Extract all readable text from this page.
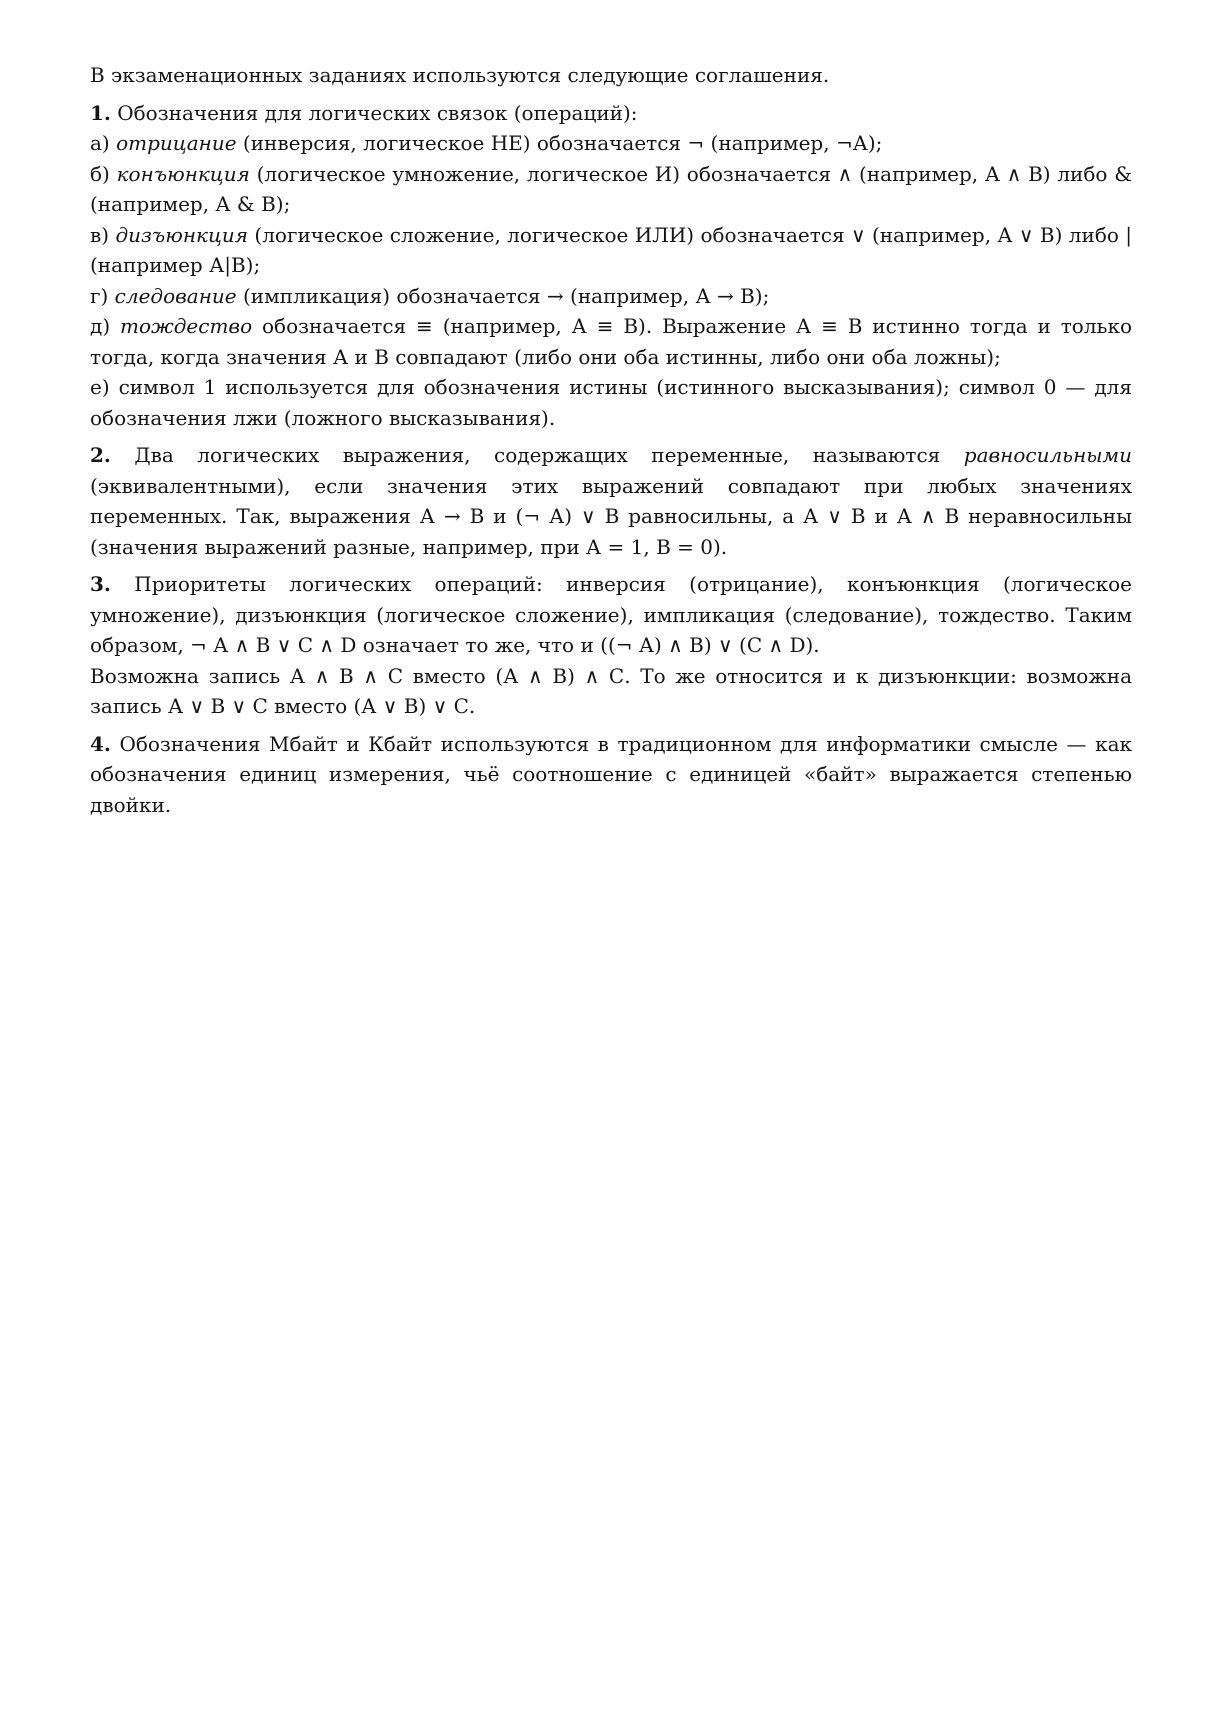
В экзаменационных заданиях используются следующие соглашения.

1. Обозначения для логических связок (операций):

а) отрицание (инверсия, логическое НЕ) обозначается ¬ (например, ¬А);

б) конъюнкция (логическое умножение, логическое И) обозначается ∧ (например, А ∧ В) либо & (например, А & В);

в) дизъюнкция (логическое сложение, логическое ИЛИ) обозначается ∨ (например, А ∨ В) либо | (например А|В);

г) следование (импликация) обозначается → (например, А → В);

д) тождество обозначается ≡ (например, А ≡ В). Выражение А ≡ В истинно тогда и только тогда, когда значения А и В совпадают (либо они оба истинны, либо они оба ложны);

е) символ 1 используется для обозначения истины (истинного высказывания); символ 0 — для обозначения лжи (ложного высказывания).

2. Два логических выражения, содержащих переменные, называются равносильными (эквивалентными), если значения этих выражений совпадают при любых значениях переменных. Так, выражения А → В и (¬ А) ∨ В равносильны, а А ∨ В и А ∧ В неравносильны (значения выражений разные, например, при А = 1, В = 0).

3. Приоритеты логических операций: инверсия (отрицание), конъюнкция (логическое умножение), дизъюнкция (логическое сложение), импликация (следование), тождество. Таким образом, ¬ А ∧ В ∨ С ∧ D означает то же, что и ((¬ А) ∧ В) ∨ (С ∧ D).

Возможна запись А ∧ В ∧ С вместо (А ∧ В) ∧ С. То же относится и к дизъюнкции: возможна запись А ∨ В ∨ С вместо (А ∨ В) ∨ С.

4. Обозначения Мбайт и Кбайт используются в традиционном для информатики смысле — как обозначения единиц измерения, чьё соотношение с единицей «байт» выражается степенью двойки.
